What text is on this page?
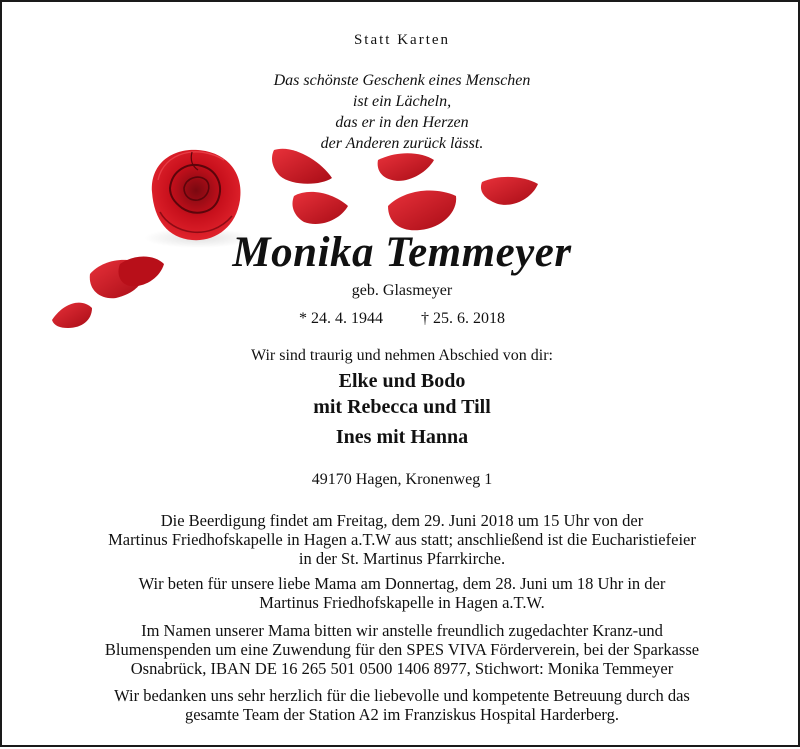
Statt Karten
Das schönste Geschenk eines Menschen
ist ein Lächeln,
das er in den Herzen
der Anderen zurück lässt.
Monika Temmeyer
geb. Glasmeyer
* 24. 4. 1944 † 25. 6. 2018
Wir sind traurig und nehmen Abschied von dir:
Elke und Bodo
mit Rebecca und Till
Ines mit Hanna
49170 Hagen, Kronenweg 1
Die Beerdigung findet am Freitag, dem 29. Juni 2018 um 15 Uhr von der
Martinus Friedhofskapelle in Hagen a.T.W aus statt; anschließend ist die Eucharistiefeier
in der St. Martinus Pfarrkirche.
Wir beten für unsere liebe Mama am Donnertag, dem 28. Juni um 18 Uhr in der
Martinus Friedhofskapelle in Hagen a.T.W.
Im Namen unserer Mama bitten wir anstelle freundlich zugedachter Kranz-und
Blumenspenden um eine Zuwendung für den SPES VIVA Förderverein, bei der Sparkasse
Osnabrück, IBAN DE 16 265 501 0500 1406 8977, Stichwort: Monika Temmeyer
Wir bedanken uns sehr herzlich für die liebevolle und kompetente Betreuung durch das
gesamte Team der Station A2 im Franziskus Hospital Harderberg.
